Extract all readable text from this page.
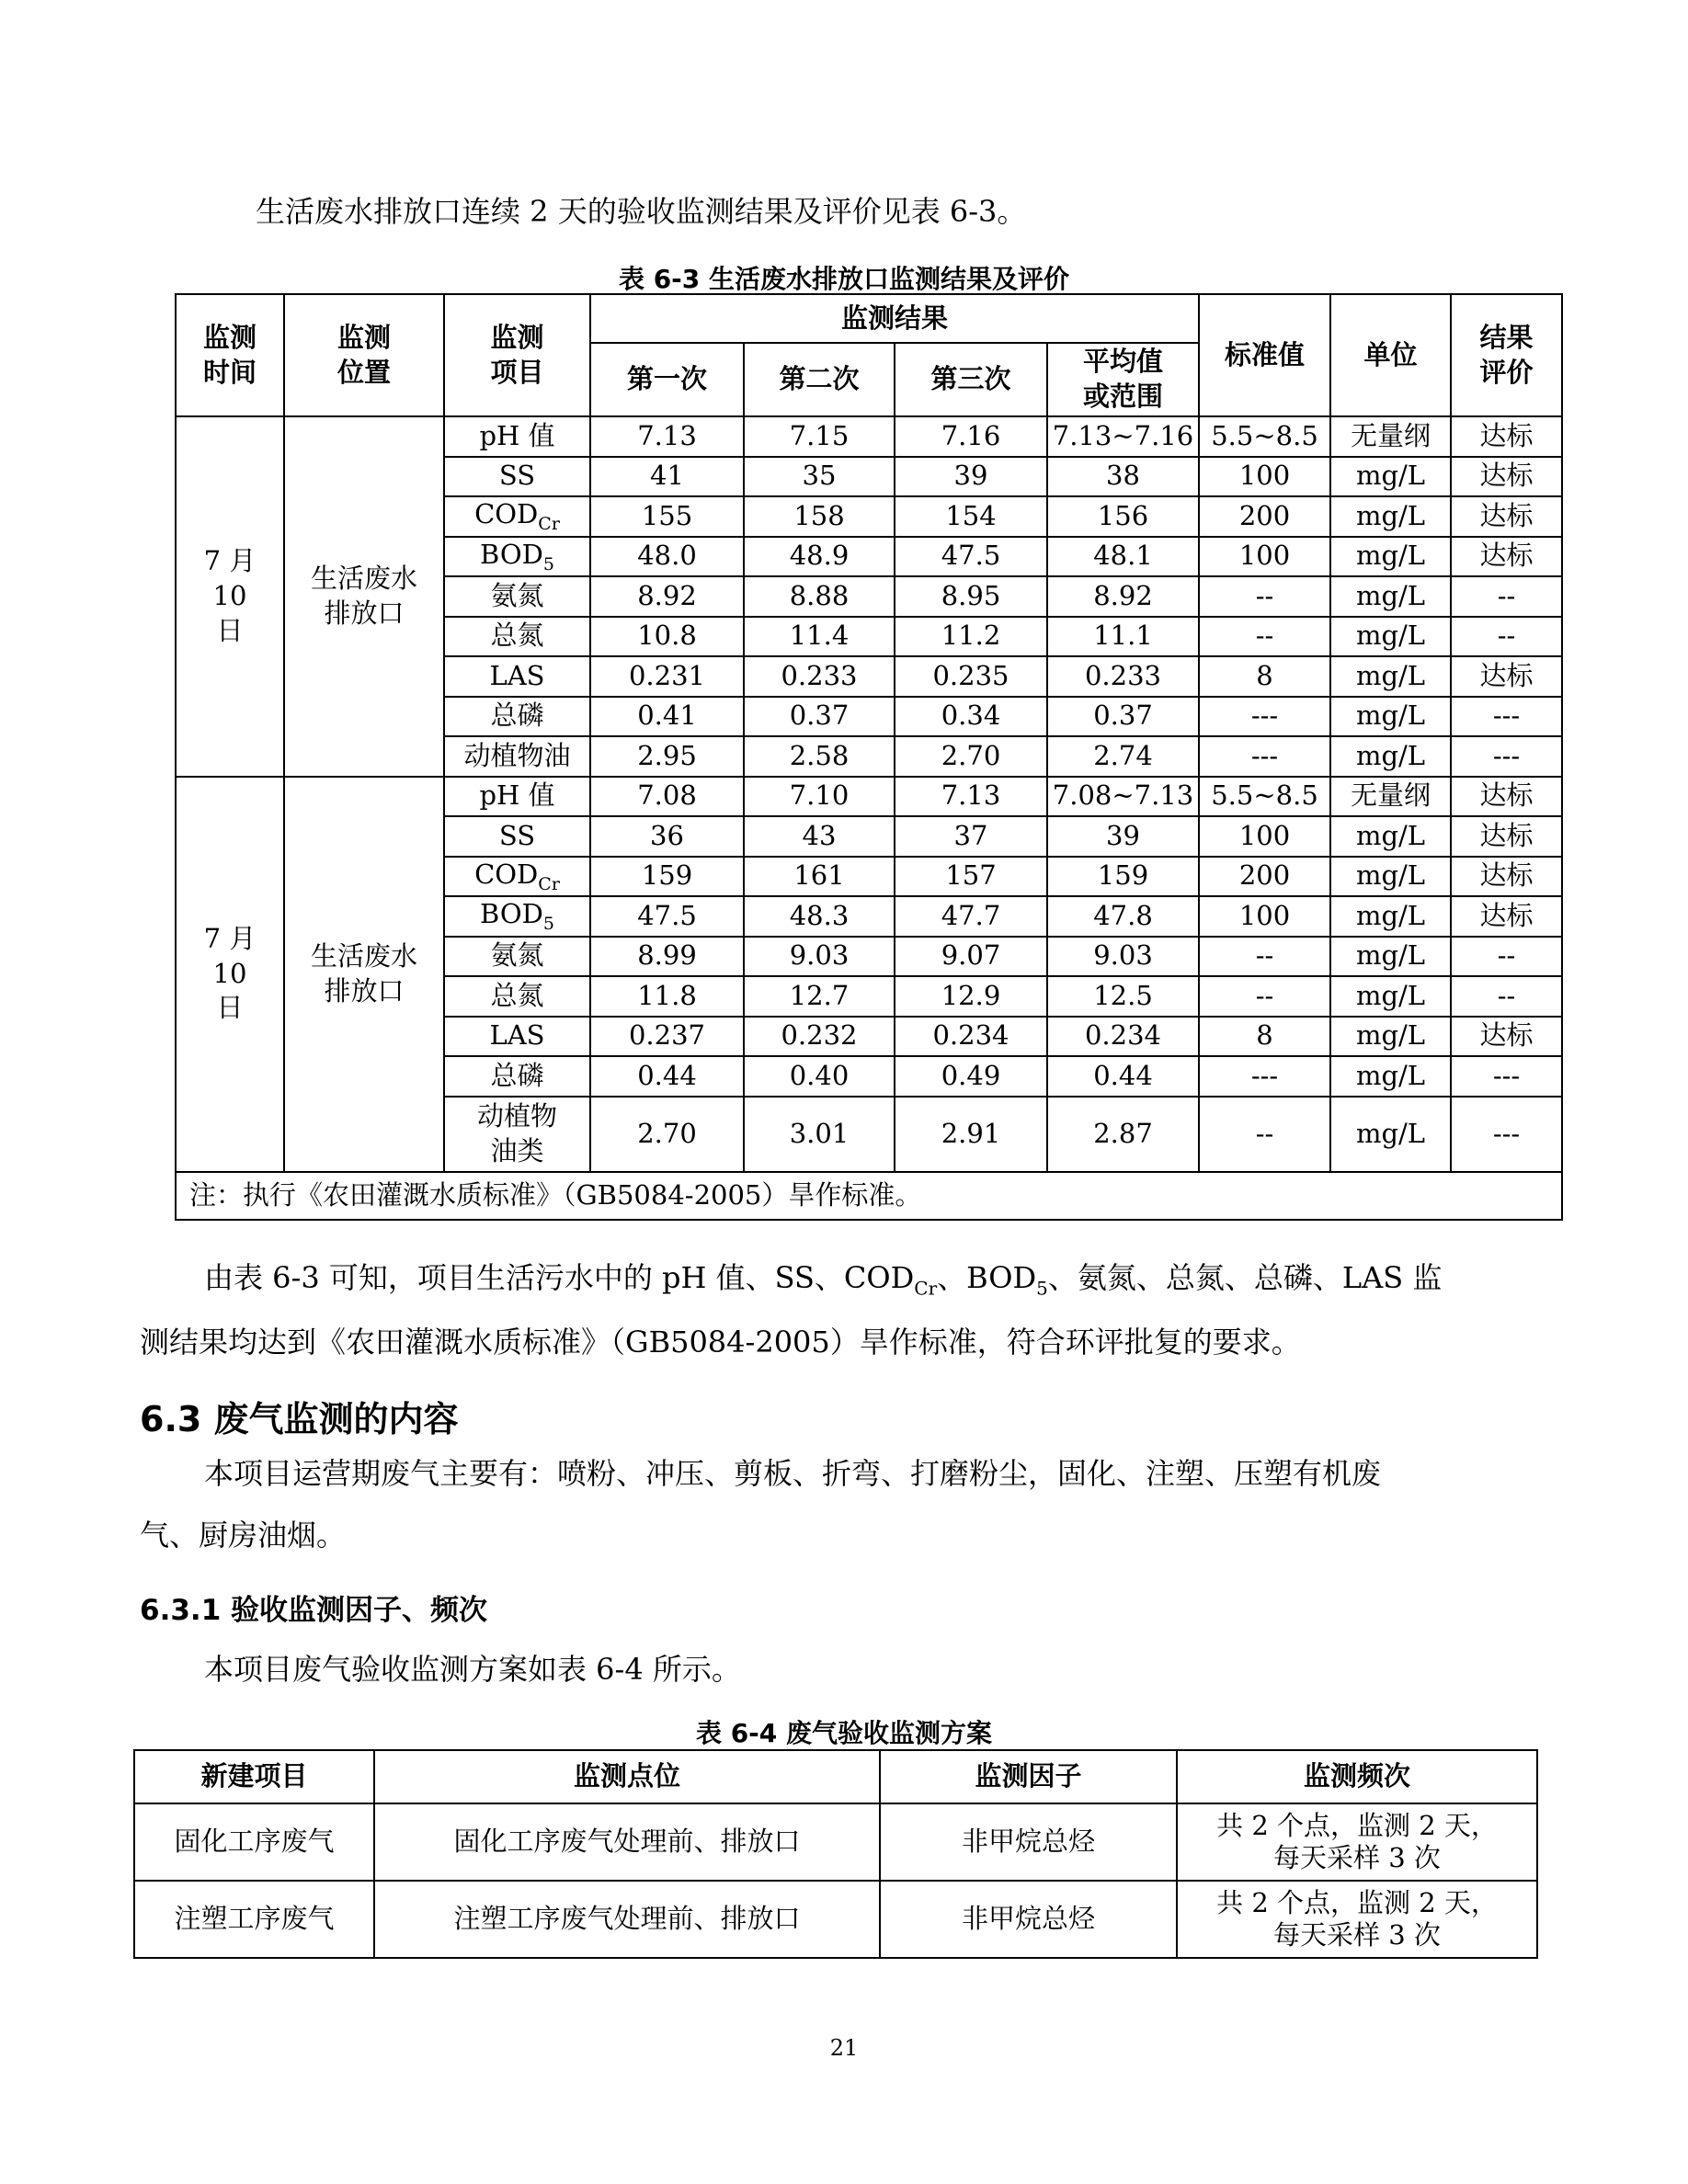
生活废水排放口连续 2 天的验收监测结果及评价见表 6-3。
表 6-3 生活废水排放口监测结果及评价
监测时间	监测位置	监测项目	监测结果				标准值	单位	结果评价
			第一次	第二次	第三次	平均值或范围			
7 月10 日	生活废水排放口	pH 值	7.13	7.15	7.16	7.13~7.16	5.5~8.5	无量纲	达标
		SS	41	35	39	38	100	mg/L	达标
		$COD_{Cr}$	155	158	154	156	200	mg/L	达标
		$BOD_5$	48.0	48.9	47.5	48.1	100	mg/L	达标
		氨氮	8.92	8.88	8.95	8.92	--	mg/L	--
		总氮	10.8	11.4	11.2	11.1	--	mg/L	--
		LAS	0.231	0.233	0.235	0.233	8	mg/L	达标
		总磷	0.41	0.37	0.34	0.37	---	mg/L	---
		动植物油	2.95	2.58	2.70	2.74	---	mg/L	---
7 月10 日	生活废水排放口	pH 值	7.08	7.10	7.13	7.08~7.13	5.5~8.5	无量纲	达标
		SS	36	43	37	39	100	mg/L	达标
		$COD_{Cr}$	159	161	157	159	200	mg/L	达标
		$BOD_5$	47.5	48.3	47.7	47.8	100	mg/L	达标
		氨氮	8.99	9.03	9.07	9.03	--	mg/L	--
		总氮	11.8	12.7	12.9	12.5	--	mg/L	--
		LAS	0.237	0.232	0.234	0.234	8	mg/L	达标
		总磷	0.44	0.40	0.49	0.44	---	mg/L	---
		动植物油类	2.70	3.01	2.91	2.87	--	mg/L	---
注：执行《农田灌溉水质标准》（GB5084-2005）旱作标准。									
由表 6-3 可知，项目生活污水中的 pH 值、SS、$COD_{Cr}$、$BOD_5$、氨氮、总氮、总磷、LAS 监
测结果均达到《农田灌溉水质标准》（GB5084-2005）旱作标准，符合环评批复的要求。
6.3 废气监测的内容
本项目运营期废气主要有：喷粉、冲压、剪板、折弯、打磨粉尘，固化、注塑、压塑有机废
气、厨房油烟。
6.3.1 验收监测因子、频次
本项目废气验收监测方案如表 6-4 所示。
表 6-4 废气验收监测方案
新建项目	监测点位	监测因子	监测频次
固化工序废气	固化工序废气处理前、排放口	非甲烷总烃	共 2 个点，监测 2 天，每天采样 3 次
注塑工序废气	注塑工序废气处理前、排放口	非甲烷总烃	共 2 个点，监测 2 天，每天采样 3 次
21
